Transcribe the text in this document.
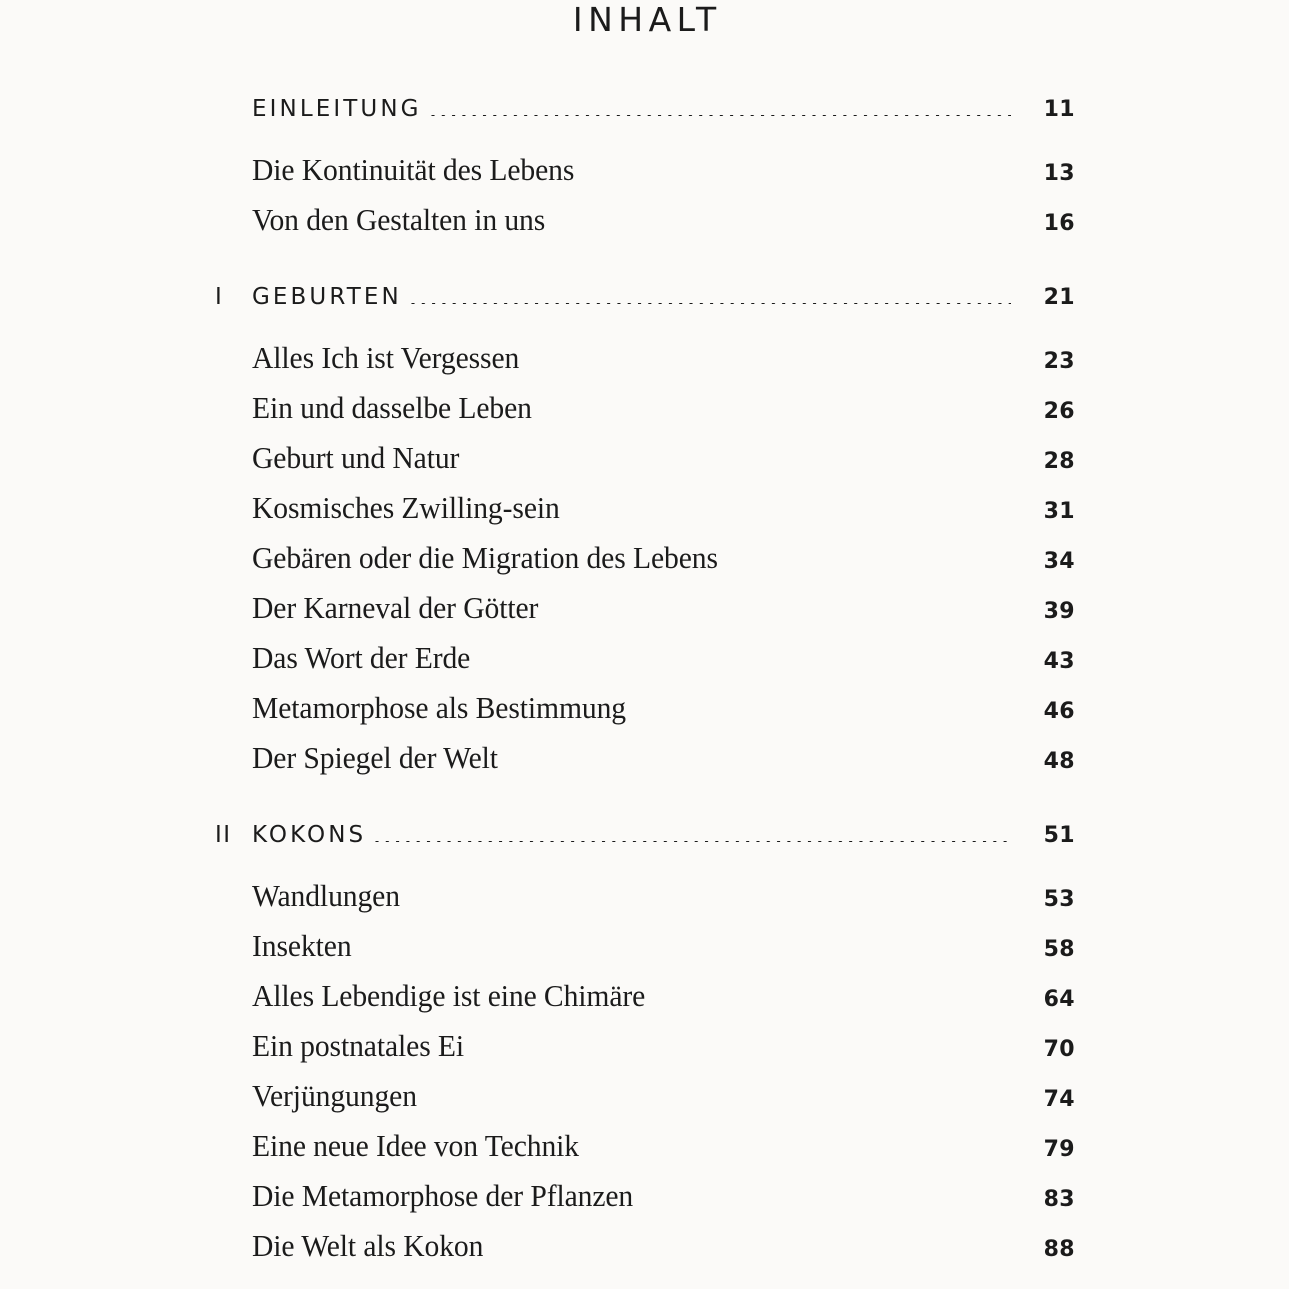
INHALT
EINLEITUNG	11
Die Kontinuität des Lebens	13
Von den Gestalten in uns	16
I	GEBURTEN	21
Alles Ich ist Vergessen	23
Ein und dasselbe Leben	26
Geburt und Natur	28
Kosmisches Zwilling-sein	31
Gebären oder die Migration des Lebens	34
Der Karneval der Götter	39
Das Wort der Erde	43
Metamorphose als Bestimmung	46
Der Spiegel der Welt	48
II KOKONS	51
Wandlungen	53
Insekten	58
Alles Lebendige ist eine Chimäre	64
Ein postnatales Ei	70
Verjüngungen	74
Eine neue Idee von Technik	79
Die Metamorphose der Pflanzen	83
Die Welt als Kokon	88
